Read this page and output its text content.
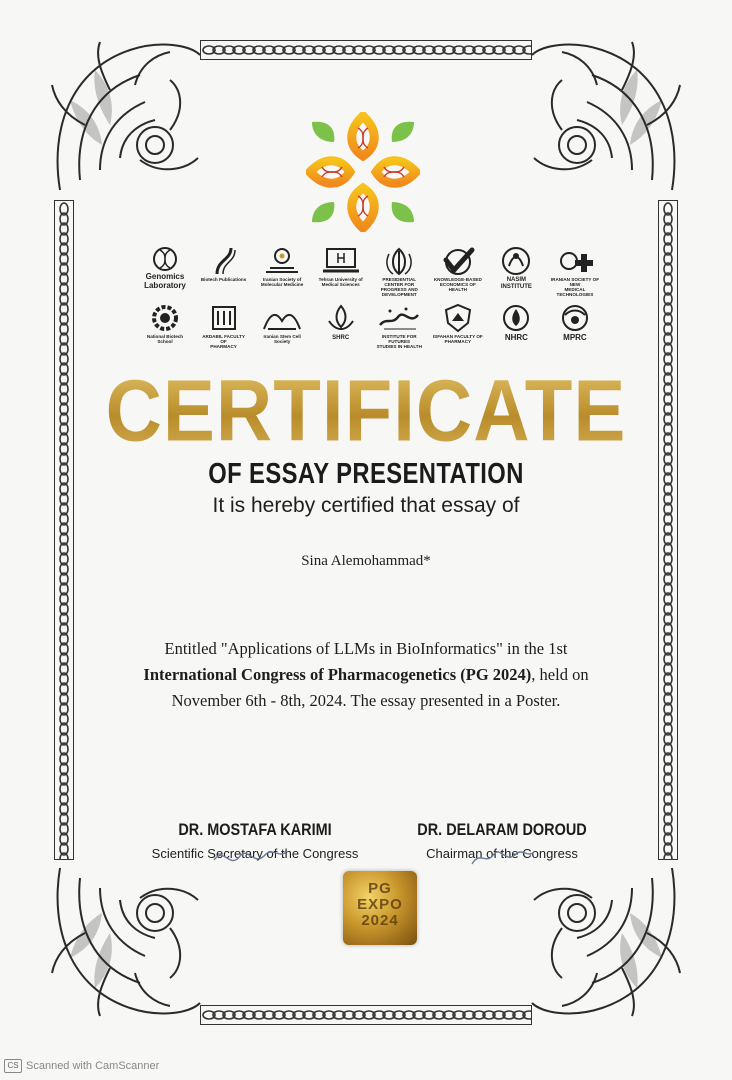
Genomics
Laboratory
Biotech Publications	Iranian Society of Molecular Medicine
Tehran University of Medical Sciences
PRESIDENTIAL CENTER FOR
PROGRESS AND DEVELOPMENT
KNOWLEDGE-BASED
ECONOMICS OF HEALTH
NASIM
INSTITUTE
IRANIAN SOCIETY OF NEW
MEDICAL TECHNOLOGIES
National Biotech
School
ARDABIL FACULTY OF
PHARMACY
Iranian Stem Cell Society
SHRC	INSTITUTE FOR FUTURES
STUDIES IN HEALTH
ISFAHAN FACULTY OF
PHARMACY	NHRC	MPRC
CERTIFICATE
OF ESSAY PRESENTATION
It is hereby certified that essay of
Sina Alemohammad*
Entitled "Applications of LLMs in BioInformatics" in the 1st International Congress of Pharmacogenetics (PG 2024), held on November 6th - 8th, 2024. The essay presented in a Poster.
DR. MOSTAFA KARIMI
Scientific Secretary of the Congress
DR. DELARAM DOROUD
Chairman of the Congress
PG
EXPO
2024
CS Scanned with CamScanner
